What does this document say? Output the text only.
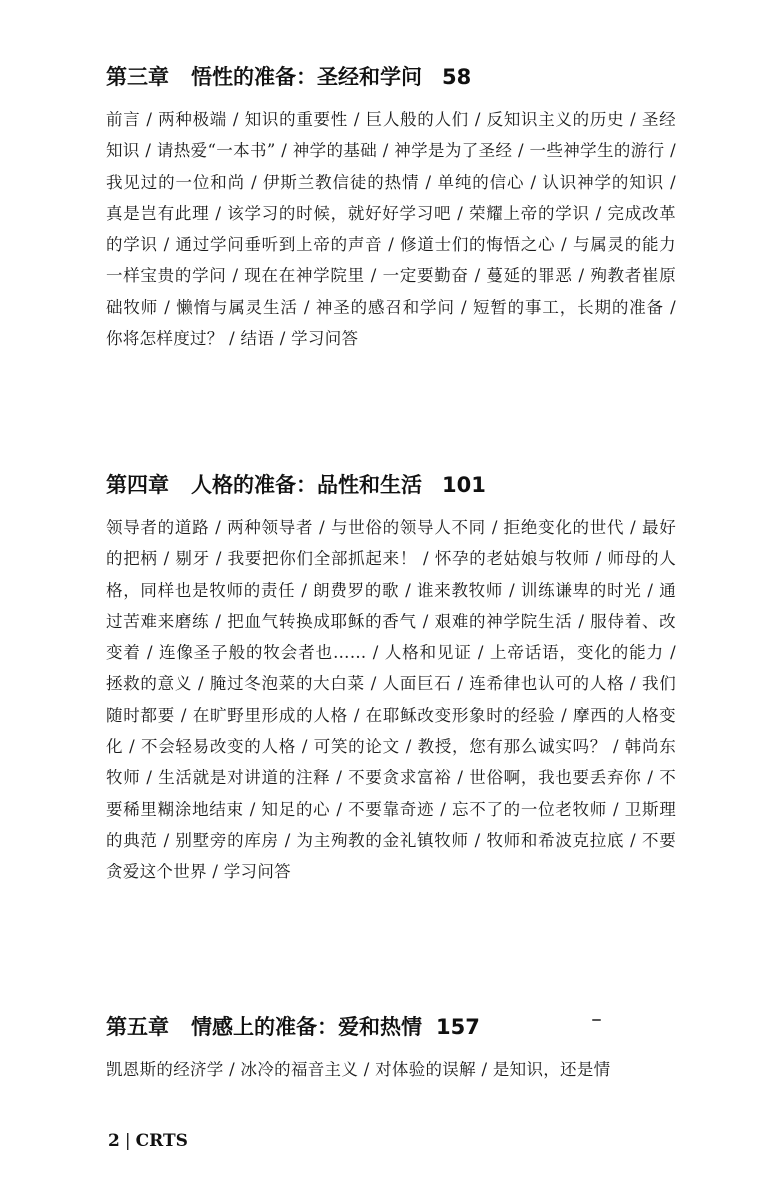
第三章 悟性的准备：圣经和学问 58
前言 / 两种极端 / 知识的重要性 / 巨人般的人们 / 反知识主义的历史 / 圣经知识 / 请热爱“一本书” / 神学的基础 / 神学是为了圣经 / 一些神学生的游行 / 我见过的一位和尚 / 伊斯兰教信徒的热情 / 单纯的信心 / 认识神学的知识 / 真是岂有此理 / 该学习的时候，就好好学习吧 / 荣耀上帝的学识 / 完成改革的学识 / 通过学问垂听到上帝的声音 / 修道士们的悔悟之心 / 与属灵的能力一样宝贵的学问 / 现在在神学院里 / 一定要勤奋 / 蔓延的罪恶 / 殉教者崔原础牧师 / 懒惰与属灵生活 / 神圣的感召和学问 / 短暂的事工，长期的准备 / 你将怎样度过？ / 结语 / 学习问答
第四章 人格的准备：品性和生活 101
领导者的道路 / 两种领导者 / 与世俗的领导人不同 / 拒绝变化的世代 / 最好的把柄 / 剔牙 / 我要把你们全部抓起来！ / 怀孕的老姑娘与牧师 / 师母的人格，同样也是牧师的责任 / 朗费罗的歌 / 谁来教牧师 / 训练谦卑的时光 / 通过苦难来磨练 / 把血气转换成耶稣的香气 / 艰难的神学院生活 / 服侍着、改变着 / 连像圣子般的牧会者也…… / 人格和见证 / 上帝话语，变化的能力 / 拯救的意义 / 腌过冬泡菜的大白菜 / 人面巨石 / 连希律也认可的人格 / 我们随时都要 / 在旷野里形成的人格 / 在耶稣改变形象时的经验 / 摩西的人格变化 / 不会轻易改变的人格 / 可笑的论文 / 教授，您有那么诚实吗？ / 韩尚东牧师 / 生活就是对讲道的注释 / 不要贪求富裕 / 世俗啊，我也要丢弃你 / 不要稀里糊涂地结束 / 知足的心 / 不要靠奇迹 / 忘不了的一位老牧师 / 卫斯理的典范 / 别墅旁的库房 / 为主殉教的金礼镇牧师 / 牧师和希波克拉底 / 不要贪爱这个世界 / 学习问答
第五章 情感上的准备：爱和热情 157
凯恩斯的经济学 / 冰冷的福音主义 / 对体验的误解 / 是知识，还是情
2 | CRTS
